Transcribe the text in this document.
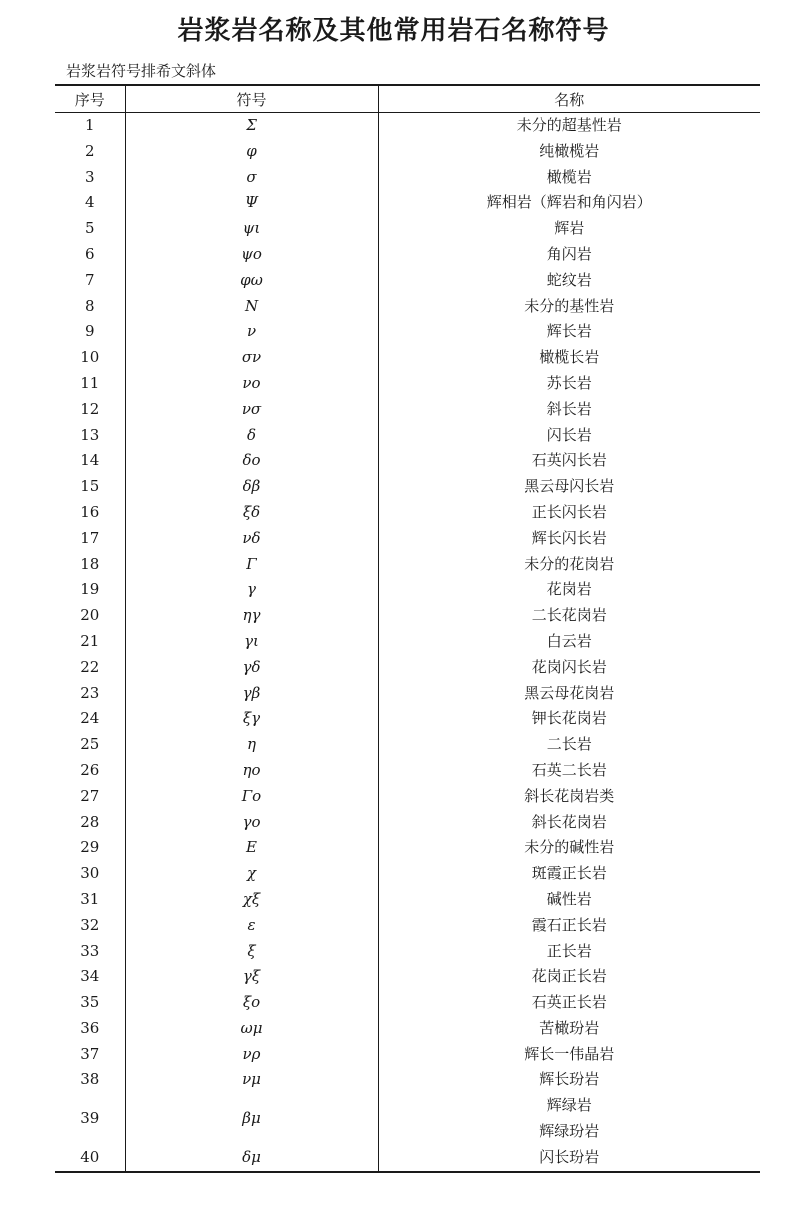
岩浆岩名称及其他常用岩石名称符号
岩浆岩符号排希文斜体
序号	符号	名称
1	Σ	未分的超基性岩

2	φ	纯橄榄岩

3	σ	橄榄岩

4	Ψ	辉相岩（辉岩和角闪岩）

5	ψι	辉岩

6	ψο	角闪岩

7	φω	蛇纹岩

8	N	未分的基性岩

9	ν	辉长岩

10	σν	橄榄长岩

11	νο	苏长岩

12	νσ	斜长岩

13	δ	闪长岩

14	δο	石英闪长岩

15	δβ	黑云母闪长岩

16	ξδ	正长闪长岩

17	νδ	辉长闪长岩

18	Γ	未分的花岗岩

19	γ	花岗岩

20	ηγ	二长花岗岩

21	γι	白云岩

22	γδ	花岗闪长岩

23	γβ	黑云母花岗岩

24	ξγ	钾长花岗岩

25	η	二长岩

26	ηο	石英二长岩

27	Γο	斜长花岗岩类

28	γο	斜长花岗岩

29	Ε	未分的碱性岩

30	χ	斑霞正长岩

31	χξ	碱性岩

32	ε	霞石正长岩

33	ξ	正长岩

34	γξ	花岗正长岩

35	ξο	石英正长岩

36	ωμ	苦橄玢岩

37	νρ	辉长一伟晶岩

38	νμ	辉长玢岩

39	βμ	辉绿岩
辉绿玢岩

40	δμ	闪长玢岩
